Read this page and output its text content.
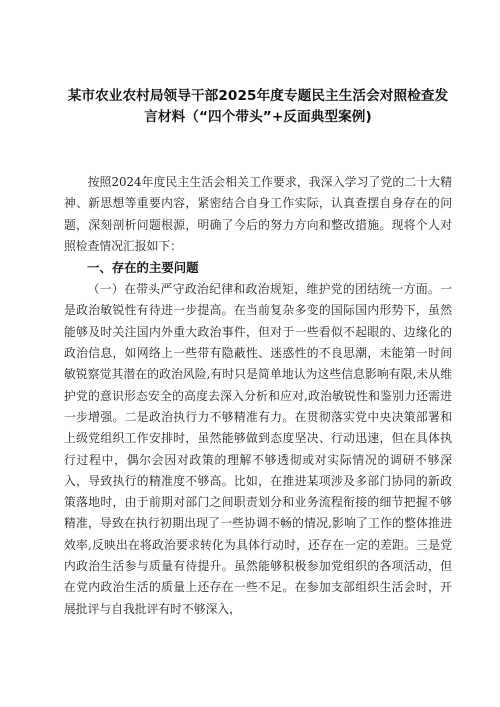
某市农业农村局领导干部2025年度专题民主生活会对照检查发言材料（“四个带头”+反面典型案例)

按照2024年度民主生活会相关工作要求，我深入学习了党的二十大精神、新思想等重要内容，紧密结合自身工作实际，认真查摆自身存在的问题，深刻剖析问题根源，明确了今后的努力方向和整改措施。现将个人对照检查情况汇报如下：

一、存在的主要问题

（一）在带头严守政治纪律和政治规矩，维护党的团结统一方面。一是政治敏锐性有待进一步提高。在当前复杂多变的国际国内形势下，虽然能够及时关注国内外重大政治事件，但对于一些看似不起眼的、边缘化的政治信息，如网络上一些带有隐蔽性、迷惑性的不良思潮，未能第一时间敏锐察觉其潜在的政治风险,有时只是简单地认为这些信息影响有限,未从维护党的意识形态安全的高度去深入分析和应对,政治敏锐性和鉴别力还需进一步增强。二是政治执行力不够精准有力。在贯彻落实党中央决策部署和上级党组织工作安排时，虽然能够做到态度坚决、行动迅速，但在具体执行过程中，偶尔会因对政策的理解不够透彻或对实际情况的调研不够深入，导致执行的精准度不够高。比如，在推进某项涉及多部门协同的新政策落地时，由于前期对部门之间职责划分和业务流程衔接的细节把握不够精准，导致在执行初期出现了一些协调不畅的情况,影响了工作的整体推进效率,反映出在将政治要求转化为具体行动时，还存在一定的差距。三是党内政治生活参与质量有待提升。虽然能够积极参加党组织的各项活动，但在党内政治生活的质量上还存在一些不足。在参加支部组织生活会时，开展批评与自我批评有时不够深入，
